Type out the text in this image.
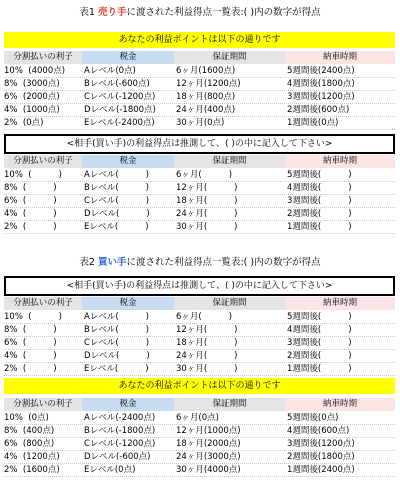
表1 売り手に渡された利益得点一覧表:( )内の数字が得点
あなたの利益ポイントは以下の通りです
分割払いの利子	税金	保証期間	納車時期
10%  (4000点)	Aレベル(0点)	6ヶ月(1600点)	5週間後(2400点)
8%  (3000点)	Bレベル(-600点)	12ヶ月(1200点)	4週間後(1800点)
6%  (2000点)	Cレベル(-1200点)	18ヶ月(800点)	3週間後(1200点)
4%  (1000点)	Dレベル(-1800点)	24ヶ月(400点)	2週間後(600点)
2%  (0点)	Eレベル(-2400点)	30ヶ月(0点)	1週間後(0点)
<相手(買い手)の利益得点は推測して、( )の中に記入して下さい>
分割払いの利子	税金	保証期間	納車時期
10%  (          )	Aレベル(          )	6ヶ月(          )	5週間後(          )
8%  (          )	Bレベル(          )	12ヶ月(          )	4週間後(          )
6%  (          )	Cレベル(          )	18ヶ月(          )	3週間後(          )
4%  (          )	Dレベル(          )	24ヶ月(          )	2週間後(          )
2%  (          )	Eレベル(          )	30ヶ月(          )	1週間後(          )
表2 買い手に渡された利益得点一覧表:( )内の数字が得点
<相手(買い手)の利益得点は推測して、( )の中に記入して下さい>
分割払いの利子	税金	保証期間	納車時期
10%  (          )	Aレベル(          )	6ヶ月(          )	5週間後(          )
8%  (          )	Bレベル(          )	12ヶ月(          )	4週間後(          )
6%  (          )	Cレベル(          )	18ヶ月(          )	3週間後(          )
4%  (          )	Dレベル(          )	24ヶ月(          )	2週間後(          )
2%  (          )	Eレベル(          )	30ヶ月(          )	1週間後(          )
あなたの利益ポイントは以下の通りです
分割払いの利子	税金	保証期間	納車時期
10%  (0点)	Aレベル(-2400点)	6ヶ月(0点)	5週間後(0点)
8%  (400点)	Bレベル(-1800点)	12ヶ月(1000点)	4週間後(600点)
6%  (800点)	Cレベル(-1200点)	18ヶ月(2000点)	3週間後(1200点)
4%  (1200点)	Dレベル(-600点)	24ヶ月(3000点)	2週間後(1800点)
2%  (1600点)	Eレベル(0点)	30ヶ月(4000点)	1週間後(2400点)
